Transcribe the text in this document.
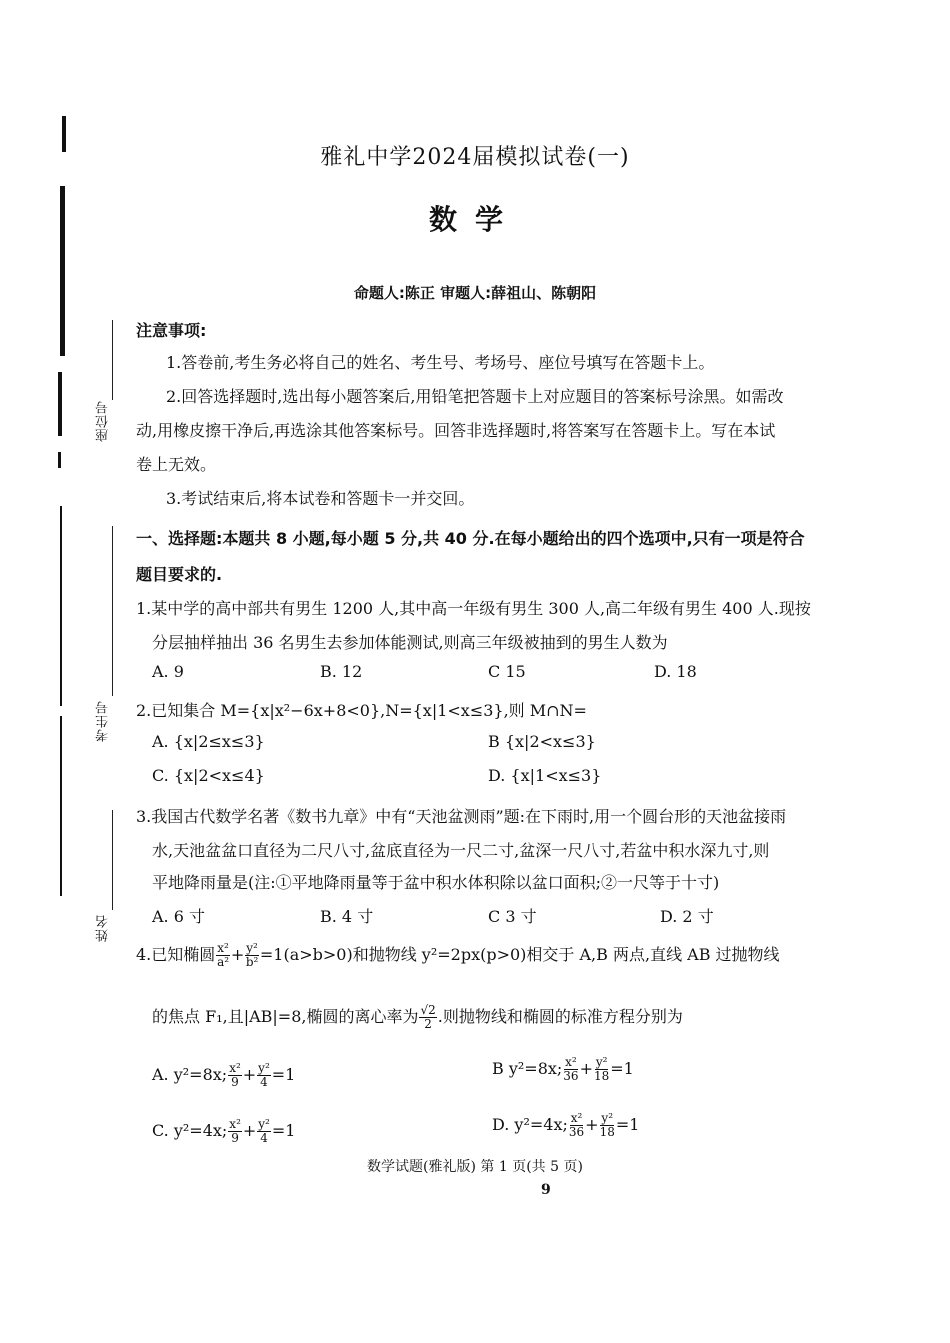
座位号
考生号
姓名
雅礼中学2024届模拟试卷(一)
数学
命题人:陈正 审题人:薛祖山、陈朝阳
注意事项:
1.答卷前,考生务必将自己的姓名、考生号、考场号、座位号填写在答题卡上。
2.回答选择题时,选出每小题答案后,用铅笔把答题卡上对应题目的答案标号涂黑。如需改
动,用橡皮擦干净后,再选涂其他答案标号。回答非选择题时,将答案写在答题卡上。写在本试
卷上无效。
3.考试结束后,将本试卷和答题卡一并交回。
一、选择题:本题共 8 小题,每小题 5 分,共 40 分.在每小题给出的四个选项中,只有一项是符合
题目要求的.
1.某中学的高中部共有男生 1200 人,其中高一年级有男生 300 人,高二年级有男生 400 人.现按
分层抽样抽出 36 名男生去参加体能测试,则高三年级被抽到的男生人数为
A. 9	B. 12	C 15	D. 18
2.已知集合 M={x|x²−6x+8<0},N={x|1<x≤3},则 M∩N=
A. {x|2≤x≤3}	B {x|2<x≤3}
C. {x|2<x≤4}	D. {x|1<x≤3}
3.我国古代数学名著《数书九章》中有“天池盆测雨”题:在下雨时,用一个圆台形的天池盆接雨
水,天池盆盆口直径为二尺八寸,盆底直径为一尺二寸,盆深一尺八寸,若盆中积水深九寸,则
平地降雨量是(注:①平地降雨量等于盆中积水体积除以盆口面积;②一尺等于十寸)
A. 6 寸	B. 4 寸	C 3 寸	D. 2 寸
4.已知椭圆 $\frac{\text{x²}}{\text{a²}} + \frac{\text{y²}}{\text{b²}} =1(a>b>0)$和抛物线 y²=2px(p>0)相交于 A,B 两点,直线 AB 过抛物线
的焦点 F₁,且|AB|=8,椭圆的离心率为 $\frac{√2}{2}$ .则抛物线和椭圆的标准方程分别为
A. y²=8x; $\frac{\text{x²}}{9} + \frac{\text{y²}}{4} =1$	B y²=8x; $\frac{\text{x²}}{36} + \frac{\text{y²}}{18} =1$
C. y²=4x; $\frac{\text{x²}}{9} + \frac{\text{y²}}{4} =1$	D. y²=4x; $\frac{\text{x²}}{36} + \frac{\text{y²}}{18} =1$
数学试题(雅礼版) 第 1 页(共 5 页)
9
